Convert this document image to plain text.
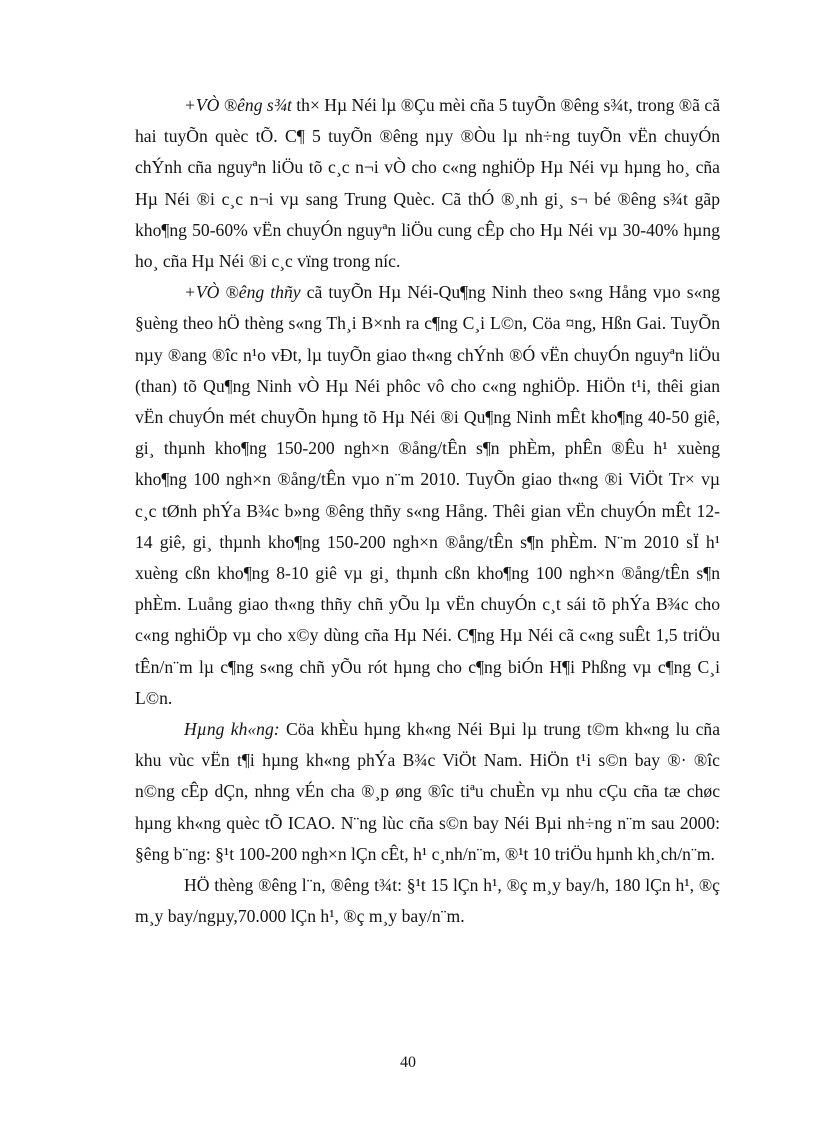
+VÒ ®êng s¾t th× Hµ Néi lµ ®Çu mèi cña 5 tuyÕn ®êng s¾t, trong ®ã cã hai tuyÕn quèc tÕ. C¶ 5 tuyÕn ®êng nµy ®Òu lµ nh÷ng tuyÕn vËn chuyÓn chÝnh cña nguyªn liÖu tõ c¸c n¬i vÒ cho c«ng nghiÖp Hµ Néi vµ hµng ho¸ cña Hµ Néi ®i c¸c n¬i vµ sang Trung Quèc. Cã thÓ ®¸nh gi¸ s¬ bé ®êng s¾t gãp kho¶ng 50-60% vËn chuyÓn nguyªn liÖu cung cÊp cho Hµ Néi vµ 30-40% hµng ho¸ cña Hµ Néi ®i c¸c vïng trong níc.

+VÒ ®êng thñy cã tuyÕn Hµ Néi-Qu¶ng Ninh theo s«ng Hång vµo s«ng §uèng theo hÖ thèng s«ng Th¸i B×nh ra c¶ng C¸i L©n, Cöa ¤ng, Hßn Gai. TuyÕn nµy ®ang ®îc n¹o vÐt, lµ tuyÕn giao th«ng chÝnh ®Ó vËn chuyÓn nguyªn liÖu (than) tõ Qu¶ng Ninh vÒ Hµ Néi phôc vô cho c«ng nghiÖp. HiÖn t¹i, thêi gian vËn chuyÓn mét chuyÕn hµng tõ Hµ Néi ®i Qu¶ng Ninh mÊt kho¶ng 40-50 giê, gi¸ thµnh kho¶ng 150-200 ngh×n ®ång/tÊn s¶n phÈm, phÊn ®Êu h¹ xuèng kho¶ng 100 ngh×n ®ång/tÊn vµo n¨m 2010. TuyÕn giao th«ng ®i ViÖt Tr× vµ c¸c tØnh phÝa B¾c b»ng ®êng thñy s«ng Hång. Thêi gian vËn chuyÓn mÊt 12-14 giê, gi¸ thµnh kho¶ng 150-200 ngh×n ®ång/tÊn s¶n phÈm. N¨m 2010 sÏ h¹ xuèng cßn kho¶ng 8-10 giê vµ gi¸ thµnh cßn kho¶ng 100 ngh×n ®ång/tÊn s¶n phÈm. Luång giao th«ng thñy chñ yÕu lµ vËn chuyÓn c¸t sái tõ phÝa B¾c cho c«ng nghiÖp vµ cho x©y dùng cña Hµ Néi. C¶ng Hµ Néi cã c«ng suÊt 1,5 triÖu tÊn/n¨m lµ c¶ng s«ng chñ yÕu rót hµng cho c¶ng biÓn H¶i Phßng vµ c¶ng C¸i L©n.

Hµng kh«ng: Cöa khÈu hµng kh«ng Néi Bµi lµ trung t©m kh«ng lu cña khu vùc vËn t¶i hµng kh«ng phÝa B¾c ViÖt Nam. HiÖn t¹i s©n bay ®· ®îc n©ng cÊp dÇn, nhng vÉn cha ®¸p øng ®îc tiªu chuÈn vµ nhu cÇu cña tæ chøc hµng kh«ng quèc tÕ ICAO. N¨ng lùc cña s©n bay Néi Bµi nh÷ng n¨m sau 2000: §êng b¨ng: §¹t 100-200 ngh×n lÇn cÊt, h¹ c¸nh/n¨m, ®¹t 10 triÖu hµnh kh¸ch/n¨m.

HÖ thèng ®êng l¨n, ®êng t¾t: §¹t 15 lÇn h¹, ®ç m¸y bay/h, 180 lÇn h¹, ®ç m¸y bay/ngµy,70.000 lÇn h¹, ®ç m¸y bay/n¨m.

40
